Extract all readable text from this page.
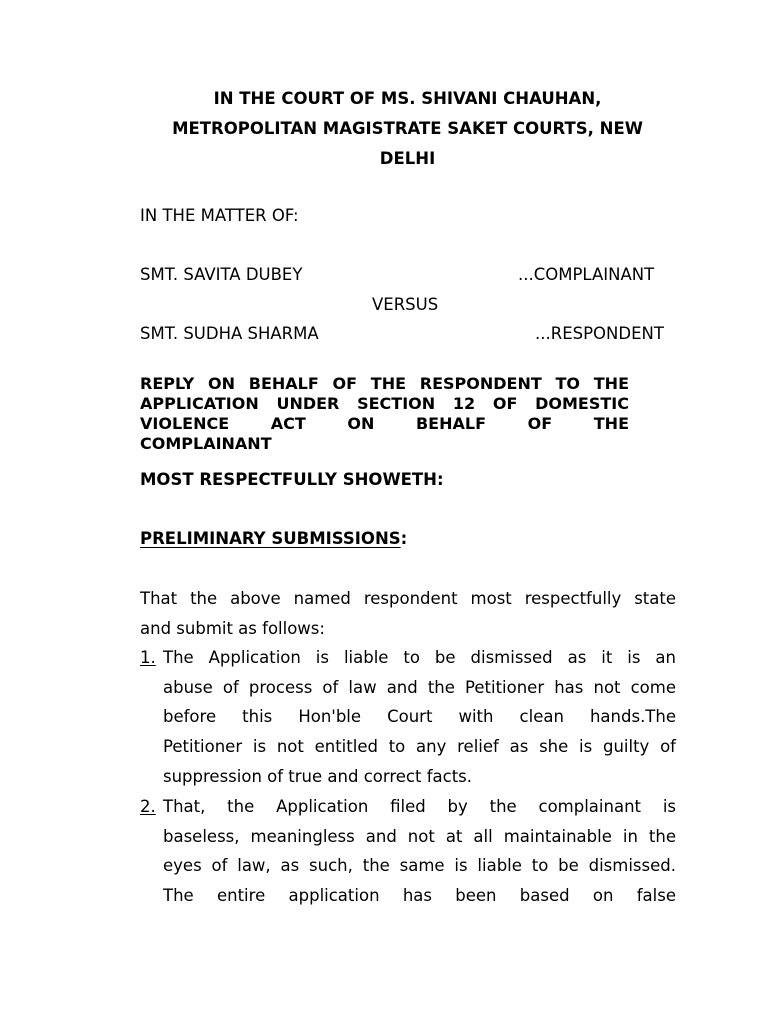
IN THE COURT OF MS. SHIVANI CHAUHAN,
METROPOLITAN MAGISTRATE SAKET COURTS, NEW
DELHI

IN THE MATTER OF:

SMT. SAVITA DUBEY	...COMPLAINANT

VERSUS

SMT. SUDHA SHARMA	...RESPONDENT

REPLY ON BEHALF OF THE RESPONDENT TO THE
APPLICATION UNDER SECTION 12 OF DOMESTIC
VIOLENCE ACT ON BEHALF OF THE
COMPLAINANT

MOST RESPECTFULLY SHOWETH:

PRELIMINARY SUBMISSIONS:

That the above named respondent most respectfully state
and submit as follows:
1. The Application is liable to be dismissed as it is an
abuse of process of law and the Petitioner has not come
before this Hon'ble Court with clean hands.The
Petitioner is not entitled to any relief as she is guilty of
suppression of true and correct facts.
2. That, the Application filed by the complainant is
baseless, meaningless and not at all maintainable in the
eyes of law, as such, the same is liable to be dismissed.
The entire application has been based on false
